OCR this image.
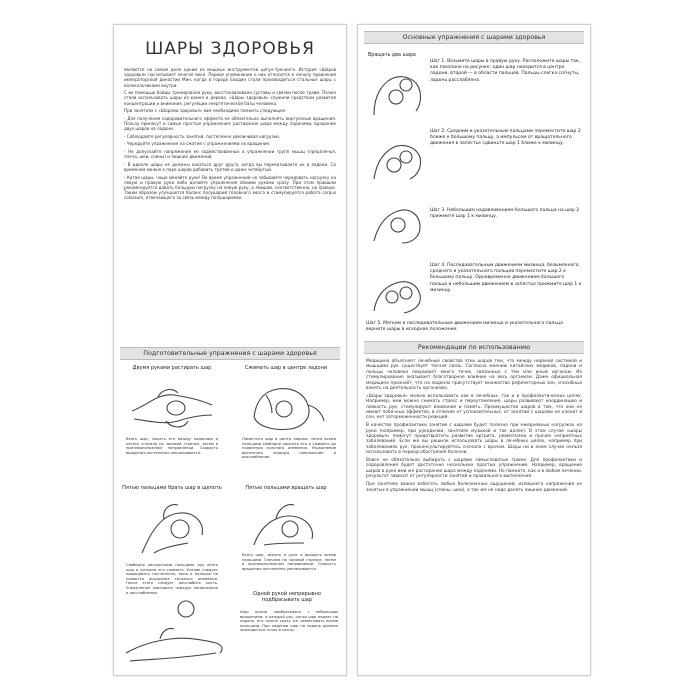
ШАРЫ ЗДОРОВЬЯ

являются на самом деле одним из мощных инструментов цигун-тренинга. История «Шаров здоровья» насчитывает многие века. Первое упоминание о них относится к началу правления императорской династии Мин, когда в городе Баодин стали производиться стальные шары с колокольчиками внутри.

С их помощью бойцы тренировали руки, восстанавливали суставы и связки после травм. Позже стали использовать шары из камня и дерева. «Шары здоровья» служили средством развития концентрации и внимания, регуляции энергетической базы человека.

При занятиях с «Шарами здоровья» вам необходимо помнить следующее:

- Для получения оздоровительного эффекта не обязательно выполнять виртуозные вращения. Пользу принесут и самые простые упражнения: растирание шара между ладонями, вращение двух шаров на ладони.

- Соблюдайте регулярность занятий, постепенно увеличивая нагрузки.

- Чередуйте упражнения на сжатие с упражнениями на вращение.

- Не допускайте напряжения не задействованных в упражнении групп мышц (предплечья, плеча, шеи, спины) и лишних движений.

- В идеале шары не должны касаться друг друга, когда вы перекатываете их в ладони. Со временем можно к паре шаров добавить третий и даже четвёртый.

- Катая шары, чаще меняйте руки! Во время упражнений не забывайте чередовать нагрузку на левую и правую руки либо делайте упражнения обеими руками сразу. При этом правшам рекомендуется давать большую нагрузку на левую руку, а левшам, соответственно, на правую. Таким образом улучшается баланс полушарий головного мозга и стимулируется работа corpus colossum, отвечающего за связь между полушариями.

Подготовительные упражнения с шарами здоровья
Двумя руками растирать шар
Взять шар, зажать его между ладонями и катать сначала по часовой стрелке, затем в противоположном направлении. Скорость вращения постепенно увеличивается.
Сжимать шар в центре ладони
Поместить шар в центр ладони, затем всеми пальцами свободно накрыть его и сжимать до появления сильного онемения. Упражнение выполнять чередуя напряжение и расслабление.
Пятью пальцами брать шар в щепоть
Свободно раскрытыми пальцами рук взять шар и усилием его сжимать. Усилие следует наращивать постепенно, пока в пальцах не появится ощущение сильного онемения. После этого следует расслабить кисть. Упражнение повторить чередуя напряжение и расслабление.
Пятью пальцами вращать шар
Взять шар, зажать в руке и вращать всеми пальцами. Сначала по часовой стрелке, затем в противоположном направлении. Скорость вращения постепенно увеличивается.
Одной рукой непрерывно подбрасывать шар
Шар нужно подбрасывать с небольшим вращением, и каждый раз, когда шар падает на ладонь, его нужно сразу же захватывать всеми пальцами. При падении шар на ладонь должен приходиться точно в центр.
Основные упражнения с шарами здоровья
Вращать два шара
Шаг 1. Возьмите шары в правую руку. Расположите шары так, как показано на рисунке: один шар находится в центре ладони, второй — в области пальцев. Пальцы слегка согнуты, ладонь расслаблена.
Шаг 2. Средним и указательным пальцами переместите шар 2 ближе к большому пальцу, а импульсом от вращательного движения в запястье сдвиньте шар 1 ближе к мизинцу.
Шаг 3. Небольшим надавливанием большого пальца на шар 2 прижмите шар 1 к мизинцу.
Шаг 4. Последовательным движением мизинца, безымянного, среднего и указательного пальцев переместите шар 2 к большому пальцу. Одновременно движением большого пальца и небольшим движением в запястье прижмите шар 1 к мизинцу.
Шаг 5. Мягким и последовательным движением мизинца и указательного пальца верните шары в исходное положение.
Рекомендации по использованию

Медицина объясняет лечебные свойства этих шаров тем, что между нервной системой и мышцами рук существует тесная связь. Согласно мнению китайских медиков, ладони и пальцы человека покрывает много точек, связанных с тем или иным органом. Их стимулирование оказывает благотворное влияние на весь организм. Даже официальная медицина признаёт, что на ладонях присутствует множество рефлекторных зон, способных влиять на деятельность организма.

«Шары здоровья» можно использовать как в лечебных, так и в профилактических целях. Например, ими можно снимать стресс и переутомление, шары развивают координацию и ловкость рук, стимулируют внимание и память. Преимущество шаров в том, что они не имеют побочных эффектов, в отличие от успокоительных, от занятий с шарами не клонит в сон, нет заторможенности реакций.

В качестве профилактики занятие с шарами будет полезно при ежедневных нагрузках на руки (например, при рукоделии, занятиях музыкой и так далее). В этом случае «шары здоровья» помогут предотвратить развитие артрита, ревматизма и прочих неприятных заболеваний. Если же вы решили использовать шары в лечебных целях, например при заболеваниях рук, проконсультируйтесь сначала с врачом. Шары ни в коем случае нельзя использовать в период обострения болезни.

Вовсе не обязательно выбирать с шарами замысловатые трюки. Для профилактики и оздоровления будет достаточно нескольких простых упражнений. Например, вращение шаров в руке ими же растирание шара между ладонями. Но помните, как и в любом лечении, результат зависит от регулярности занятий и правильного выполнения.

При занятиях важно избегать любых болезненных ощущений, излишнего напряжения не занятых в упражнении мышц (спины, шеи), а так же не надо делать лишних движений.
